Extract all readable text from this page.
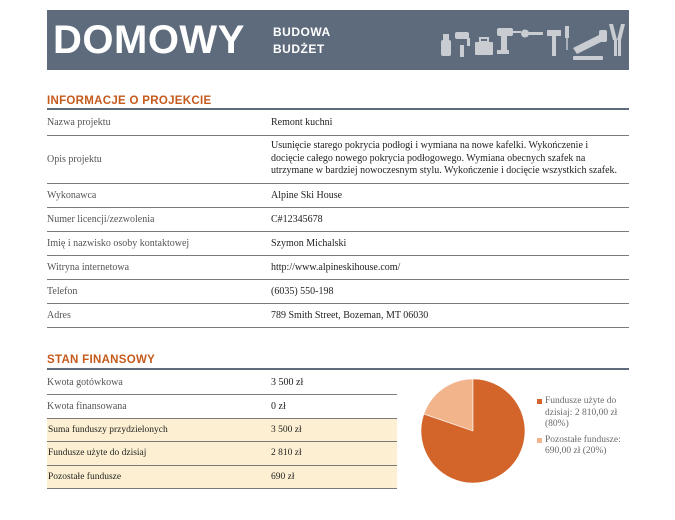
DOMOWY BUDOWA
BUDŻET
INFORMACJE O PROJEKCIE
Nazwa projektu	Remont kuchni
Opis projektu	Usunięcie starego pokrycia podłogi i wymiana na nowe kafelki. Wykończenie i docięcie całego nowego pokrycia podłogowego. Wymiana obecnych szafek na utrzymane w bardziej nowoczesnym stylu. Wykończenie i docięcie wszystkich szafek.
Wykonawca	Alpine Ski House
Numer licencji/zezwolenia	C#12345678
Imię i nazwisko osoby kontaktowej	Szymon Michalski
Witryna internetowa	http://www.alpineskihouse.com/
Telefon	(6035) 550-198
Adres	789 Smith Street, Bozeman, MT 06030
STAN FINANSOWY
Kwota gotówkowa	3 500 zł
Kwota finansowana	0 zł
Suma funduszy przydzielonych	3 500 zł
Fundusze użyte do dzisiaj	2 810 zł
Pozostałe fundusze	690 zł
Fundusze użyte do dzisiaj: 2 810,00 zł (80%)
Pozostałe fundusze: 690,00 zł (20%)
